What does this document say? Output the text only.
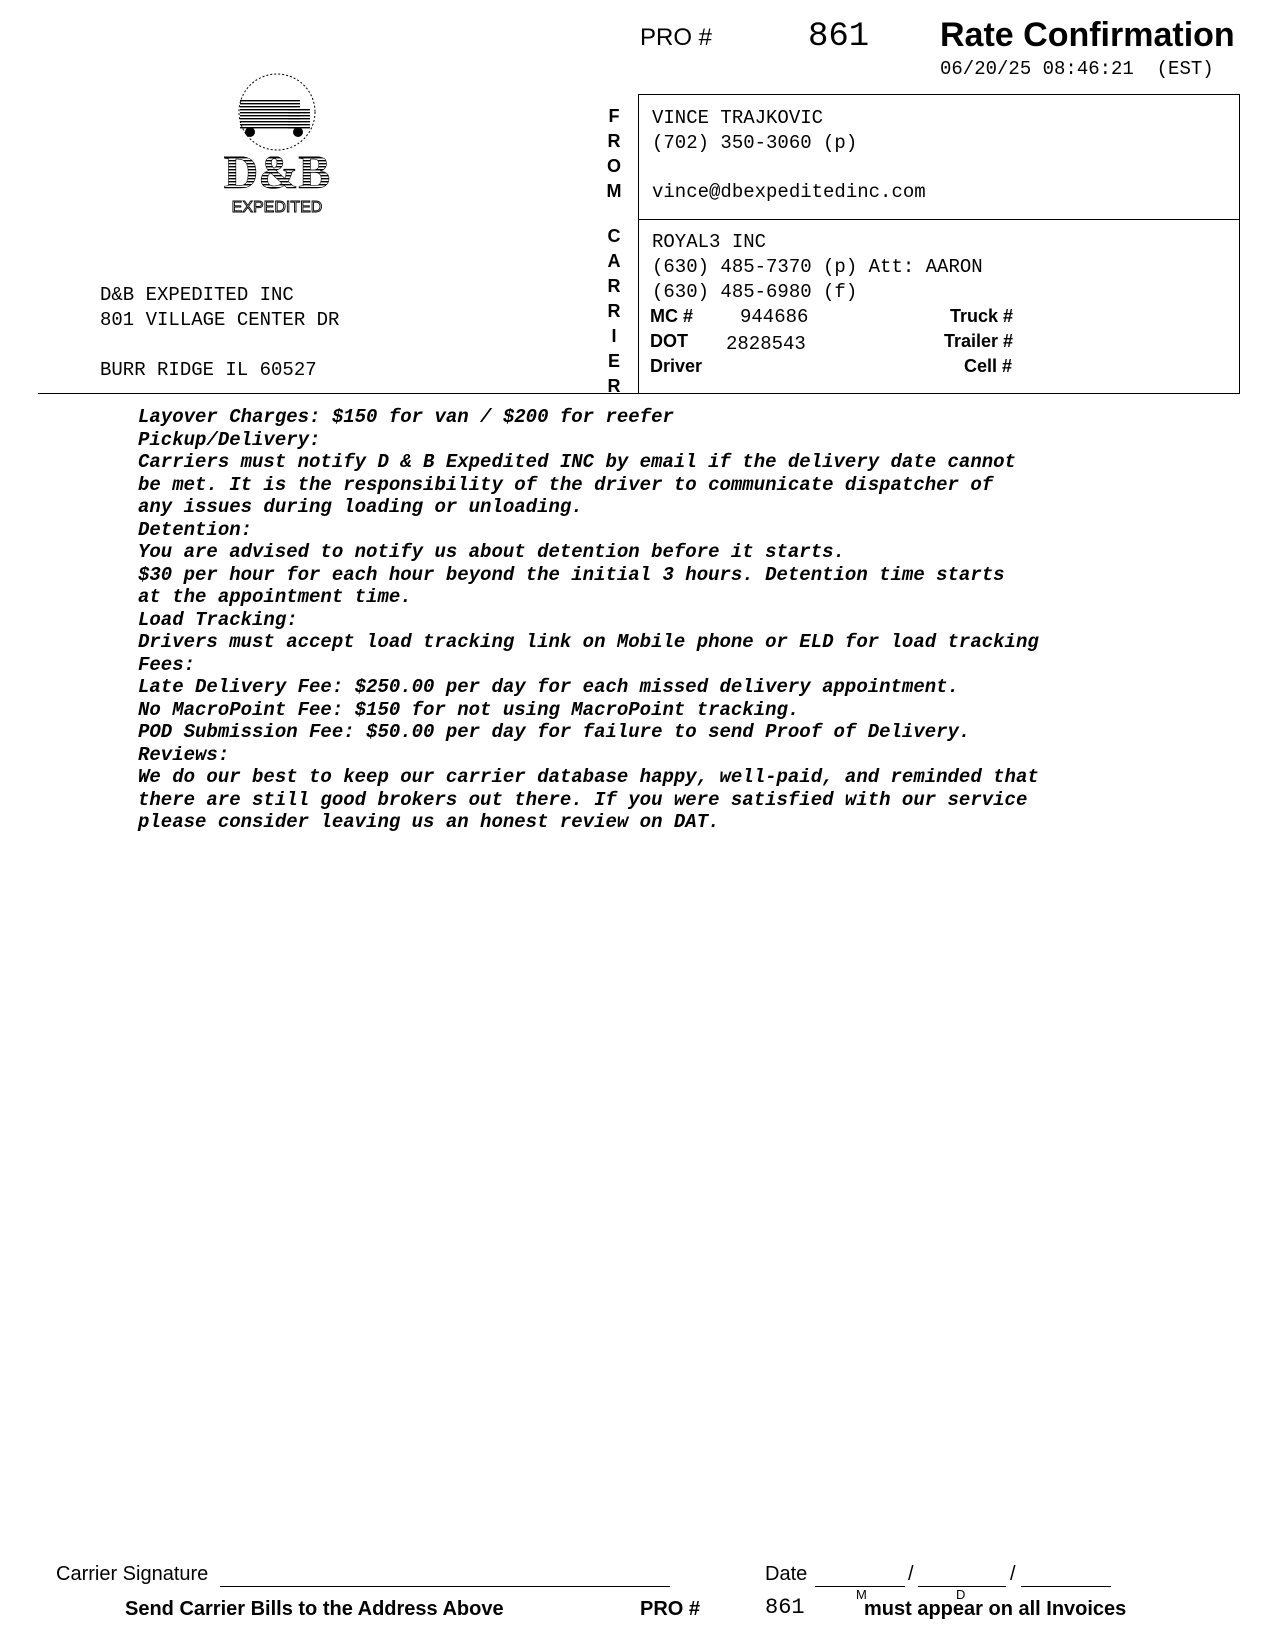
PRO #	861 Rate Confirmation
06/20/25 08:46:21  (EST)
D&B
EXPEDITED
D&B EXPEDITED INC
801 VILLAGE CENTER DR
BURR RIDGE IL 60527
F
R
O
M
C
A
R
R
I
E
R
VINCE TRAJKOVIC
(702) 350-3060 (p)
vince@dbexpeditedinc.com
ROYAL3 INC
(630) 485-7370 (p) Att: AARON
(630) 485-6980 (f)
MC # 944686	Truck #
DOT 2828543	Trailer #
Driver	Cell #
Layover Charges: $150 for van / $200 for reefer
Pickup/Delivery:
Carriers must notify D & B Expedited INC by email if the delivery date cannot
be met. It is the responsibility of the driver to communicate dispatcher of
any issues during loading or unloading.
Detention:
You are advised to notify us about detention before it starts.
$30 per hour for each hour beyond the initial 3 hours. Detention time starts
at the appointment time.
Load Tracking:
Drivers must accept load tracking link on Mobile phone or ELD for load tracking
Fees:
Late Delivery Fee: $250.00 per day for each missed delivery appointment.
No MacroPoint Fee: $150 for not using MacroPoint tracking.
POD Submission Fee: $50.00 per day for failure to send Proof of Delivery.
Reviews:
We do our best to keep our carrier database happy, well-paid, and reminded that
there are still good brokers out there. If you were satisfied with our service
please consider leaving us an honest review on DAT.
Carrier Signature	Date	/	/
M	D
Send Carrier Bills to the Address Above	PRO #	861	must appear on all Invoices
